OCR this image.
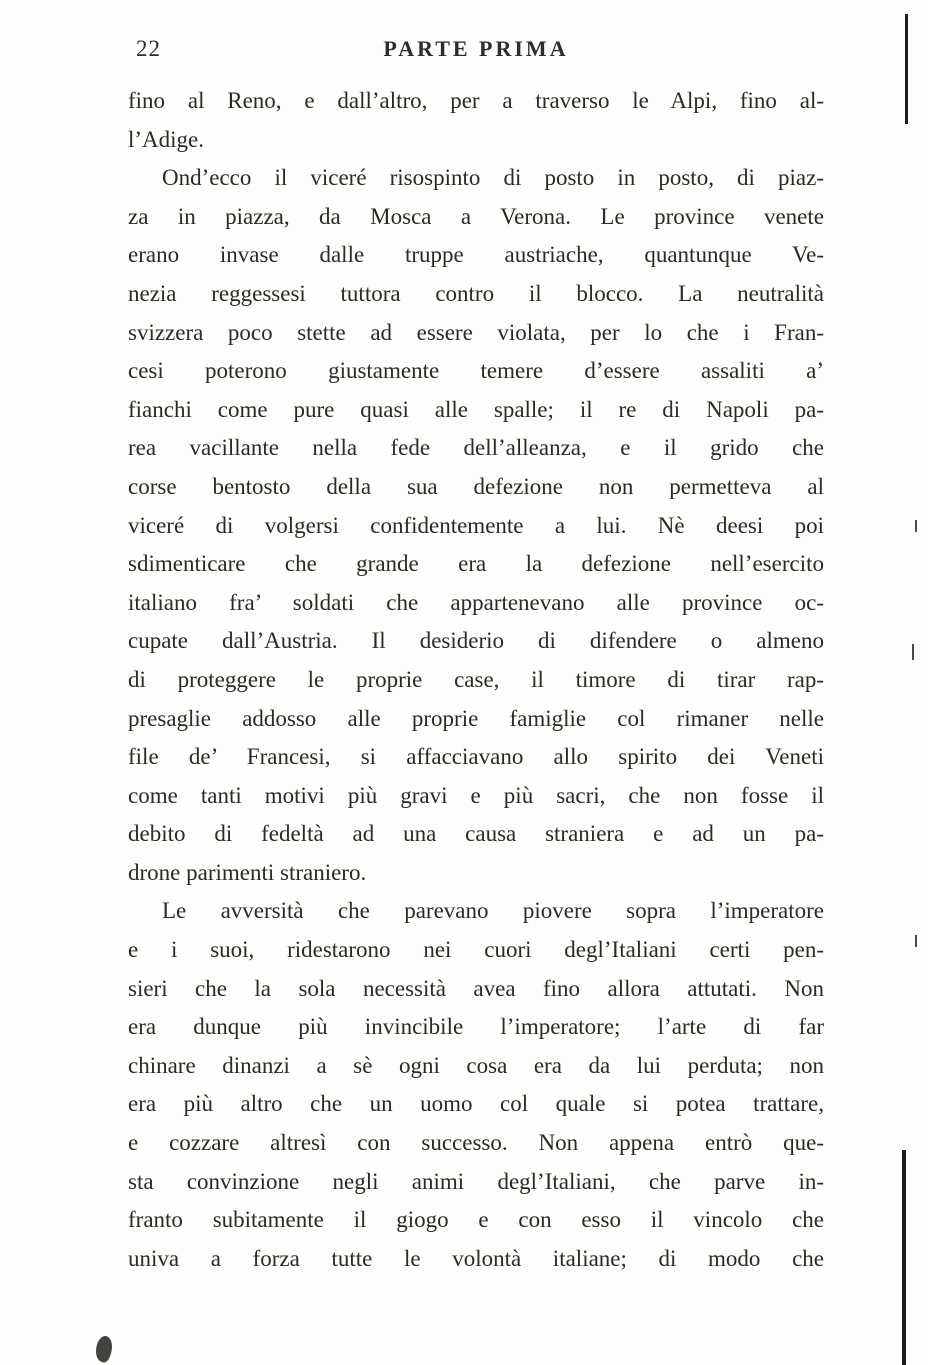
22	PARTE PRIMA
fino al Reno, e dall’altro, per a traverso le Alpi, fino al-
l’Adige.
Ond’ecco il viceré risospinto di posto in posto, di piaz-
za in piazza, da Mosca a Verona. Le province venete
erano invase dalle truppe austriache, quantunque Ve-
nezia reggessesi tuttora contro il blocco. La neutralità
svizzera poco stette ad essere violata, per lo che i Fran-
cesi poterono giustamente temere d’essere assaliti a’
fianchi come pure quasi alle spalle; il re di Napoli pa-
rea vacillante nella fede dell’alleanza, e il grido che
corse bentosto della sua defezione non permetteva al
viceré di volgersi confidentemente a lui. Nè deesi poi
sdimenticare che grande era la defezione nell’esercito
italiano fra’ soldati che appartenevano alle province oc-
cupate dall’Austria. Il desiderio di difendere o almeno
di proteggere le proprie case, il timore di tirar rap-
presaglie addosso alle proprie famiglie col rimaner nelle
file de’ Francesi, si affacciavano allo spirito dei Veneti
come tanti motivi più gravi e più sacri, che non fosse il
debito di fedeltà ad una causa straniera e ad un pa-
drone parimenti straniero.
Le avversità che parevano piovere sopra l’imperatore
e i suoi, ridestarono nei cuori degl’Italiani certi pen-
sieri che la sola necessità avea fino allora attutati. Non
era dunque più invincibile l’imperatore; l’arte di far
chinare dinanzi a sè ogni cosa era da lui perduta; non
era più altro che un uomo col quale si potea trattare,
e cozzare altresì con successo. Non appena entrò que-
sta convinzione negli animi degl’Italiani, che parve in-
franto subitamente il giogo e con esso il vincolo che
univa a forza tutte le volontà italiane; di modo che
